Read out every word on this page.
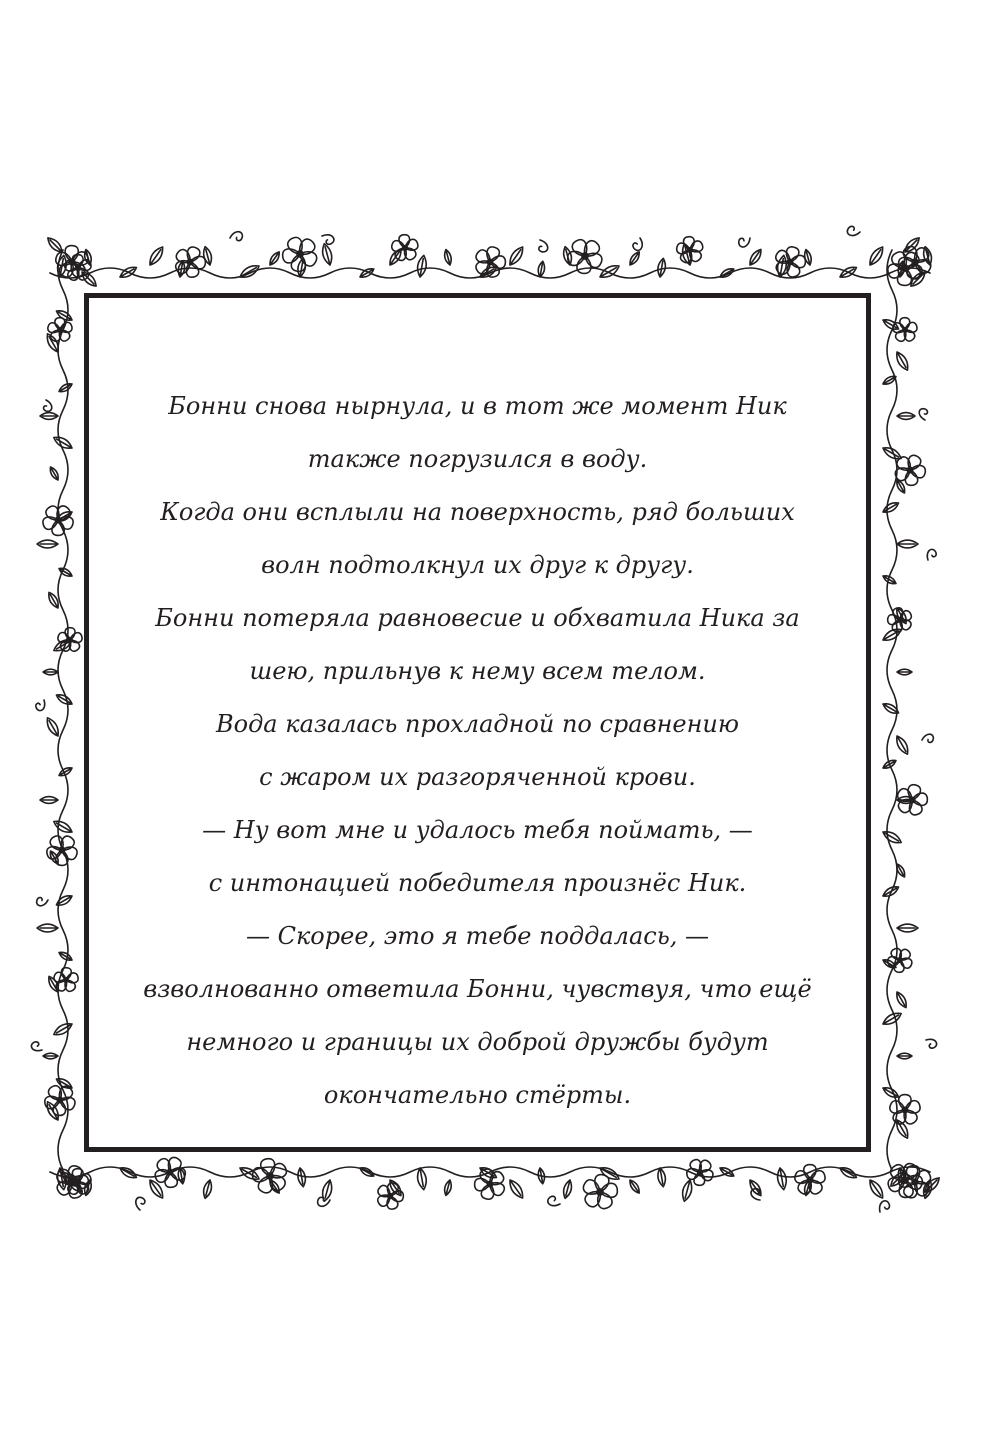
Бонни снова нырнула, и в тот же момент Ник
также погрузился в воду.

Когда они всплыли на поверхность, ряд больших
волн подтолкнул их друг к другу.

Бонни потеряла равновесие и обхватила Ника за
шею, прильнув к нему всем телом.

Вода казалась прохладной по сравнению
с жаром их разгоряченной крови.

— Ну вот мне и удалось тебя поймать, —
с интонацией победителя произнёс Ник.

— Скорее, это я тебе поддалась, —
взволнованно ответила Бонни, чувствуя, что ещё
немного и границы их доброй дружбы будут
окончательно стёрты.
